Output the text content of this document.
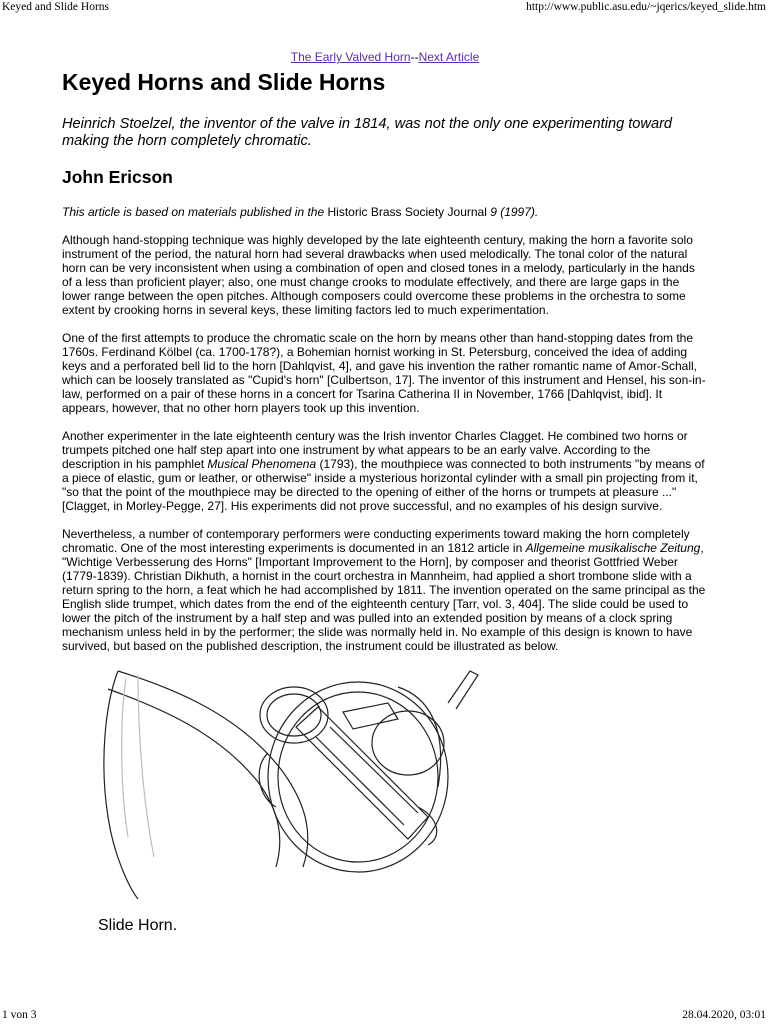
Keyed and Slide Horns	http://www.public.asu.edu/~jqerics/keyed_slide.htm
The Early Valved Horn--Next Article
Keyed Horns and Slide Horns
Heinrich Stoelzel, the inventor of the valve in 1814, was not the only one experimenting toward making the horn completely chromatic.
John Ericson

This article is based on materials published in the Historic Brass Society Journal 9 (1997).

Although hand-stopping technique was highly developed by the late eighteenth century, making the horn a favorite solo instrument of the period, the natural horn had several drawbacks when used melodically. The tonal color of the natural horn can be very inconsistent when using a combination of open and closed tones in a melody, particularly in the hands of a less than proficient player; also, one must change crooks to modulate effectively, and there are large gaps in the lower range between the open pitches. Although composers could overcome these problems in the orchestra to some extent by crooking horns in several keys, these limiting factors led to much experimentation.

One of the first attempts to produce the chromatic scale on the horn by means other than hand-stopping dates from the 1760s. Ferdinand Kölbel (ca. 1700-178?), a Bohemian hornist working in St. Petersburg, conceived the idea of adding keys and a perforated bell lid to the horn [Dahlqvist, 4], and gave his invention the rather romantic name of Amor-Schall, which can be loosely translated as "Cupid's horn" [Culbertson, 17]. The inventor of this instrument and Hensel, his son-in-law, performed on a pair of these horns in a concert for Tsarina Catherina II in November, 1766 [Dahlqvist, ibid]. It appears, however, that no other horn players took up this invention.

Another experimenter in the late eighteenth century was the Irish inventor Charles Clagget. He combined two horns or trumpets pitched one half step apart into one instrument by what appears to be an early valve. According to the description in his pamphlet Musical Phenomena (1793), the mouthpiece was connected to both instruments "by means of a piece of elastic, gum or leather, or otherwise" inside a mysterious horizontal cylinder with a small pin projecting from it, "so that the point of the mouthpiece may be directed to the opening of either of the horns or trumpets at pleasure ..." [Clagget, in Morley-Pegge, 27]. His experiments did not prove successful, and no examples of his design survive.

Nevertheless, a number of contemporary performers were conducting experiments toward making the horn completely chromatic. One of the most interesting experiments is documented in an 1812 article in Allgemeine musikalische Zeitung, "Wichtige Verbesserung des Horns" [Important Improvement to the Horn], by composer and theorist Gottfried Weber (1779-1839). Christian Dikhuth, a hornist in the court orchestra in Mannheim, had applied a short trombone slide with a return spring to the horn, a feat which he had accomplished by 1811. The invention operated on the same principal as the English slide trumpet, which dates from the end of the eighteenth century [Tarr, vol. 3, 404]. The slide could be used to lower the pitch of the instrument by a half step and was pulled into an extended position by means of a clock spring mechanism unless held in by the performer; the slide was normally held in. No example of this design is known to have survived, but based on the published description, the instrument could be illustrated as below.

Slide Horn.
1 von 3	28.04.2020, 03:01
